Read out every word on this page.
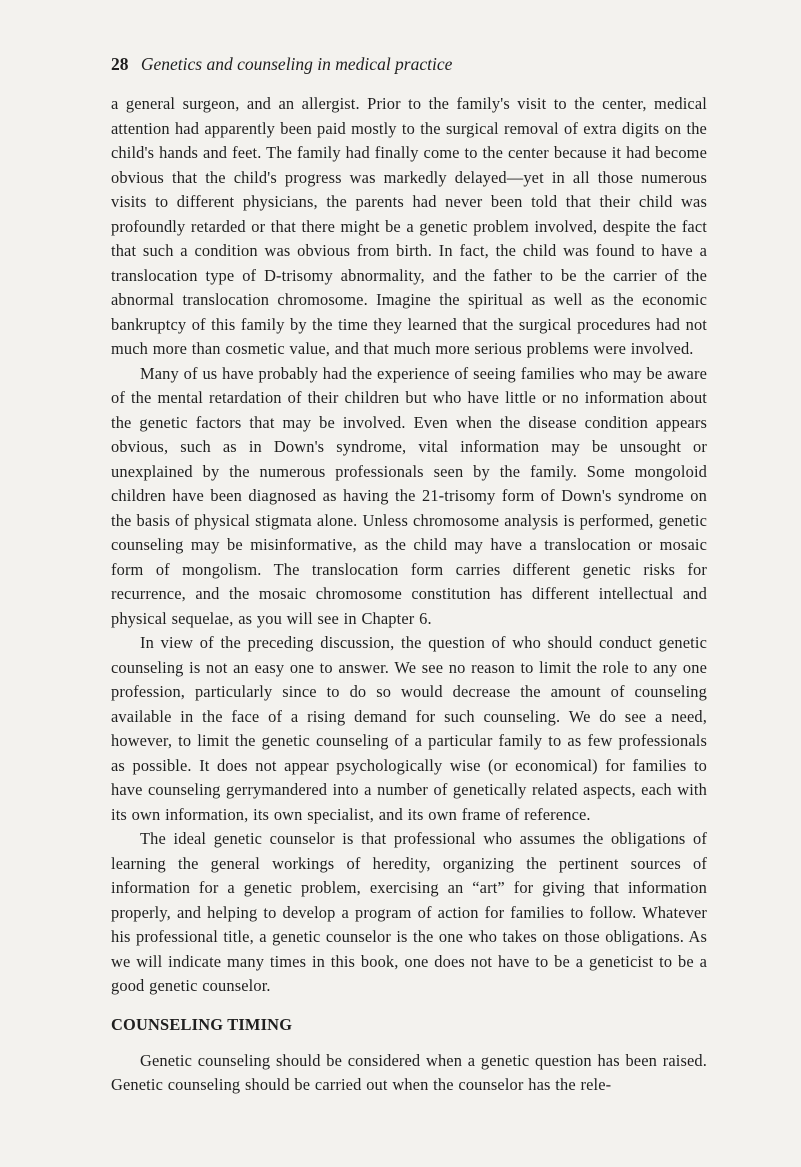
28 Genetics and counseling in medical practice

a general surgeon, and an allergist. Prior to the family's visit to the center, medical attention had apparently been paid mostly to the surgical removal of extra digits on the child's hands and feet. The family had finally come to the center because it had become obvious that the child's progress was markedly delayed—yet in all those numerous visits to different physicians, the parents had never been told that their child was profoundly retarded or that there might be a genetic problem involved, despite the fact that such a condition was obvious from birth. In fact, the child was found to have a translocation type of D-trisomy abnormality, and the father to be the carrier of the abnormal translocation chromosome. Imagine the spiritual as well as the economic bankruptcy of this family by the time they learned that the surgical procedures had not much more than cosmetic value, and that much more serious problems were involved.

Many of us have probably had the experience of seeing families who may be aware of the mental retardation of their children but who have little or no information about the genetic factors that may be involved. Even when the disease condition appears obvious, such as in Down's syndrome, vital information may be unsought or unexplained by the numerous professionals seen by the family. Some mongoloid children have been diagnosed as having the 21-trisomy form of Down's syndrome on the basis of physical stigmata alone. Unless chromosome analysis is performed, genetic counseling may be misinformative, as the child may have a translocation or mosaic form of mongolism. The translocation form carries different genetic risks for recurrence, and the mosaic chromosome constitution has different intellectual and physical sequelae, as you will see in Chapter 6.

In view of the preceding discussion, the question of who should conduct genetic counseling is not an easy one to answer. We see no reason to limit the role to any one profession, particularly since to do so would decrease the amount of counseling available in the face of a rising demand for such counseling. We do see a need, however, to limit the genetic counseling of a particular family to as few professionals as possible. It does not appear psychologically wise (or economical) for families to have counseling gerrymandered into a number of genetically related aspects, each with its own information, its own specialist, and its own frame of reference.

The ideal genetic counselor is that professional who assumes the obligations of learning the general workings of heredity, organizing the pertinent sources of information for a genetic problem, exercising an “art” for giving that information properly, and helping to develop a program of action for families to follow. Whatever his professional title, a genetic counselor is the one who takes on those obligations. As we will indicate many times in this book, one does not have to be a geneticist to be a good genetic counselor.

COUNSELING TIMING

Genetic counseling should be considered when a genetic question has been raised. Genetic counseling should be carried out when the counselor has the rele-
